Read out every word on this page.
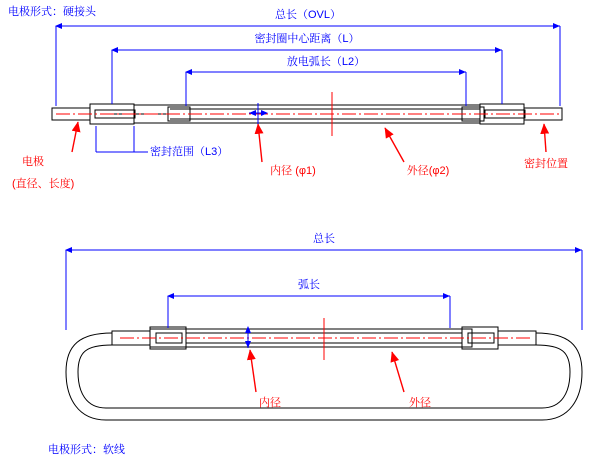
电极形式：硬接头	总长（OVL）
密封圈中心距离（L）
放电弧长（L2）
密封范围（L3）
电极
(直径、长度)
内径 (φ1)	外径(φ2)
密封位置
总长
弧长
内径	外径
电极形式：软线
